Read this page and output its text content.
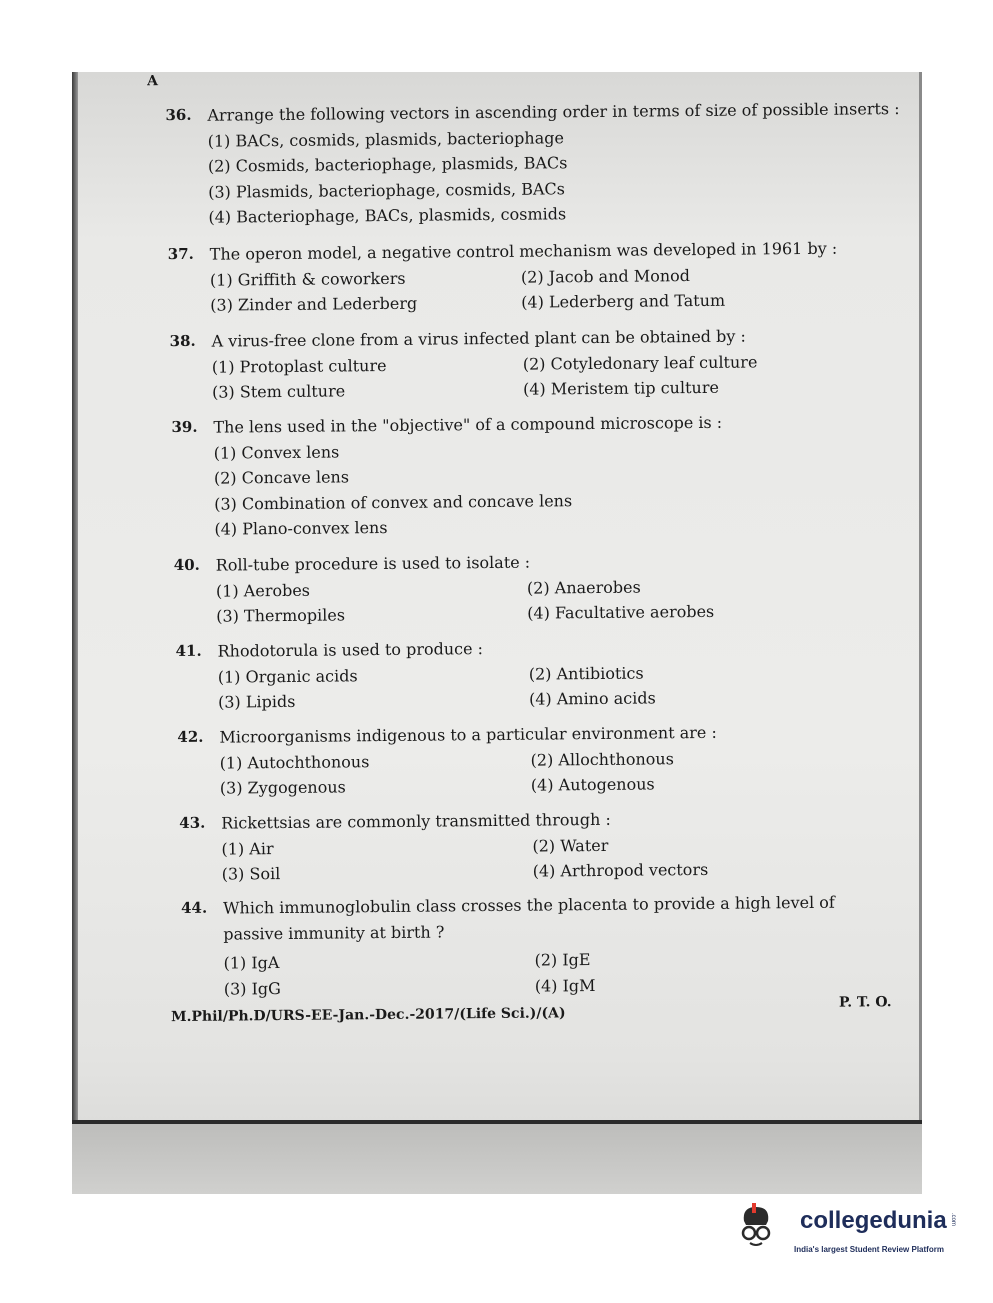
A
36. Arrange the following vectors in ascending order in terms of size of possible inserts :
(1) BACs, cosmids, plasmids, bacteriophage
(2) Cosmids, bacteriophage, plasmids, BACs
(3) Plasmids, bacteriophage, cosmids, BACs
(4) Bacteriophage, BACs, plasmids, cosmids
37. The operon model, a negative control mechanism was developed in 1961 by :
(1) Griffith & coworkers	(2) Jacob and Monod
(3) Zinder and Lederberg	(4) Lederberg and Tatum
38. A virus-free clone from a virus infected plant can be obtained by :
(1) Protoplast culture	(2) Cotyledonary leaf culture
(3) Stem culture	(4) Meristem tip culture
39. The lens used in the "objective" of a compound microscope is :
(1) Convex lens
(2) Concave lens
(3) Combination of convex and concave lens
(4) Plano-convex lens
40. Roll-tube procedure is used to isolate :
(1) Aerobes	(2) Anaerobes
(3) Thermopiles	(4) Facultative aerobes
41. Rhodotorula is used to produce :
(1) Organic acids	(2) Antibiotics
(3) Lipids	(4) Amino acids
42. Microorganisms indigenous to a particular environment are :
(1) Autochthonous	(2) Allochthonous
(3) Zygogenous	(4) Autogenous
43. Rickettsias are commonly transmitted through :
(1) Air	(2) Water
(3) Soil	(4) Arthropod vectors
44. Which immunoglobulin class crosses the placenta to provide a high level of passive immunity at birth ?
(1) IgA	(2) IgE
(3) IgG	(4) IgM
M.Phil/Ph.D/URS-EE-Jan.-Dec.-2017/(Life Sci.)/(A)
P. T. O.
collegedunia .com
India's largest Student Review Platform
